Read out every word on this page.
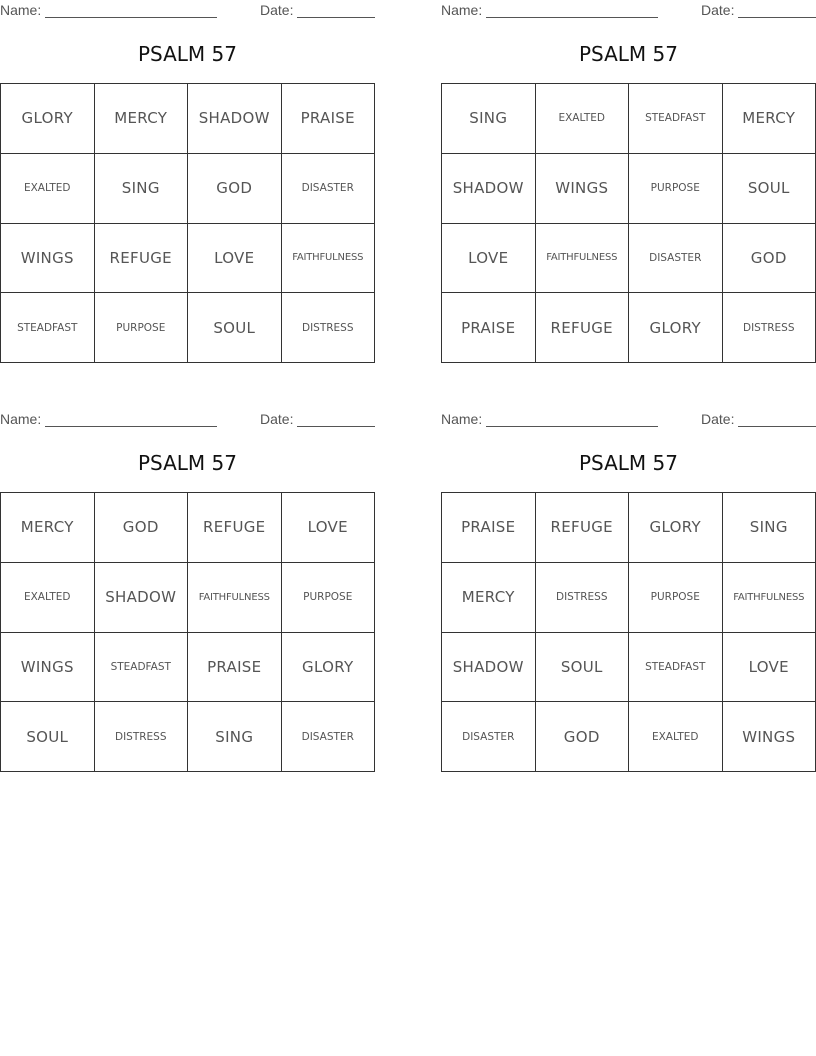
Name:	Date:
PSALM 57
GLORY	MERCY	SHADOW	PRAISE
EXALTED	SING	GOD	DISASTER
WINGS	REFUGE	LOVE	FAITHFULNESS
STEADFAST	PURPOSE	SOUL	DISTRESS
Name:	Date:
PSALM 57
SING	EXALTED	STEADFAST	MERCY
SHADOW	WINGS	PURPOSE	SOUL
LOVE	FAITHFULNESS	DISASTER	GOD
PRAISE	REFUGE	GLORY	DISTRESS
Name:	Date:
PSALM 57
MERCY	GOD	REFUGE	LOVE
EXALTED	SHADOW	FAITHFULNESS	PURPOSE
WINGS	STEADFAST	PRAISE	GLORY
SOUL	DISTRESS	SING	DISASTER
Name:	Date:
PSALM 57
PRAISE	REFUGE	GLORY	SING
MERCY	DISTRESS	PURPOSE	FAITHFULNESS
SHADOW	SOUL	STEADFAST	LOVE
DISASTER	GOD	EXALTED	WINGS
